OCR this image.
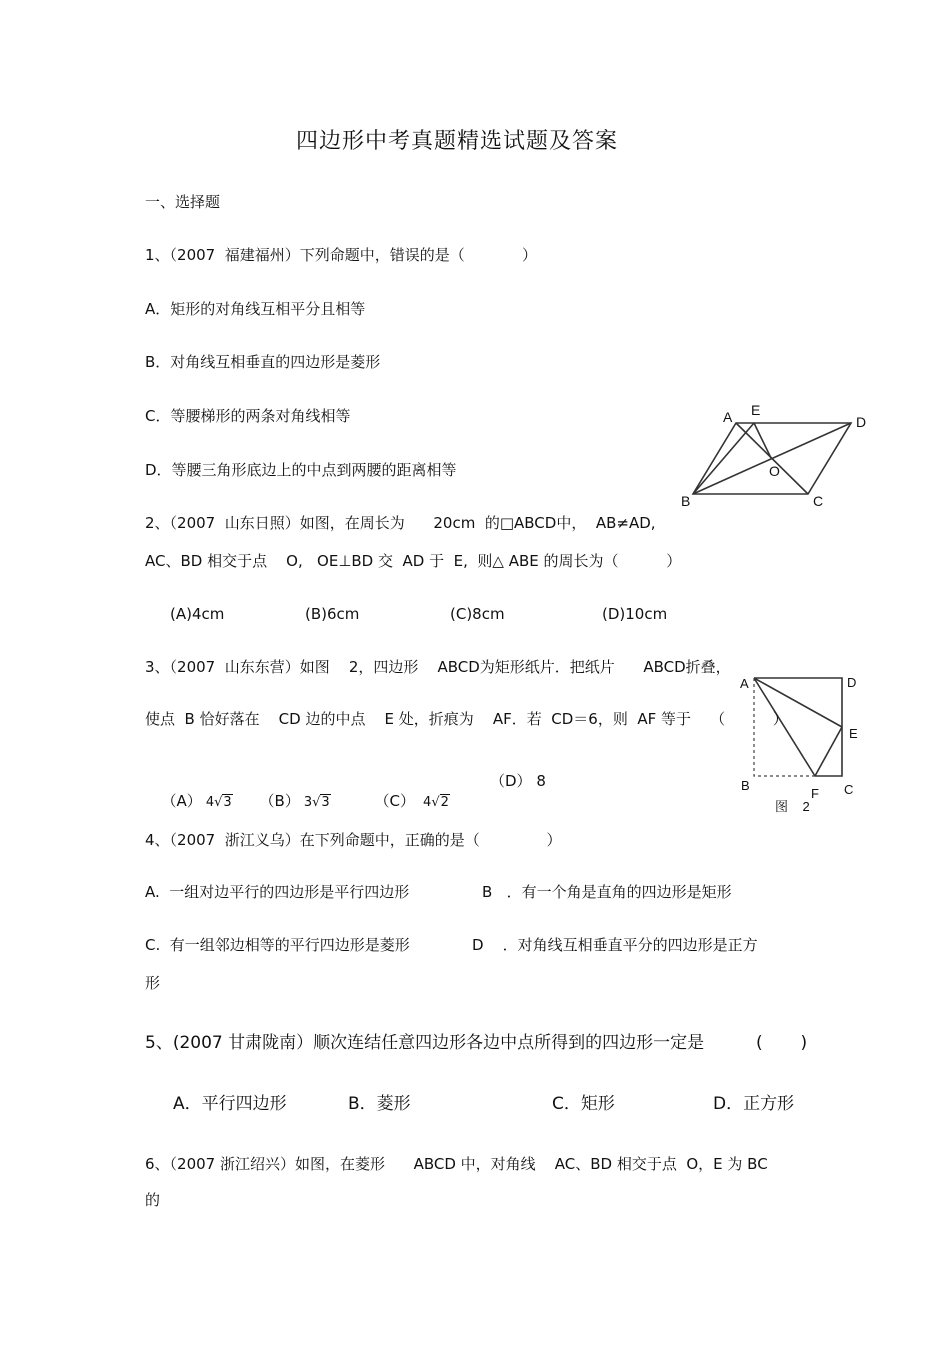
四边形中考真题精选试题及答案
一、选择题
1、（2007  福建福州）下列命题中，错误的是（            ）
A．矩形的对角线互相平分且相等
B．对角线互相垂直的四边形是菱形
C．等腰梯形的两条对角线相等
D．等腰三角形底边上的中点到两腰的距离相等
A E
D
O
B	C
2、（2007  山东日照）如图，在周长为      20cm  的□ABCD中，  AB≠AD,
AC、BD 相交于点    O,   OE⊥BD 交  AD 于  E,  则△ ABE 的周长为（          ）
(A)4cm	(B)6cm	(C)8cm	(D)10cm
A	D
E
B
F C
图    2
3、（2007  山东东营）如图    2，四边形    ABCD为矩形纸片．把纸片      ABCD折叠，
使点  B 恰好落在    CD 边的中点    E 处，折痕为    AF．若  CD＝6，则  AF 等于    （          ）

（A） 4√3	（B） 3√3	（C） 4√2

（D） 8
4、（2007  浙江义乌）在下列命题中，正确的是（              ）
A.  一组对边平行的四边形是平行四边形	B   ．有一个角是直角的四边形是矩形
C.  有一组邻边相等的平行四边形是菱形	D    ．对角线互相垂直平分的四边形是正方
形
5、(2007 甘肃陇南）顺次连结任意四边形各边中点所得到的四边形一定是	(       )
A．平行四边形	B．菱形	C．矩形	D．正方形
6、（2007 浙江绍兴）如图，在菱形      ABCD 中，对角线    AC、BD 相交于点  O，E 为 BC
的
